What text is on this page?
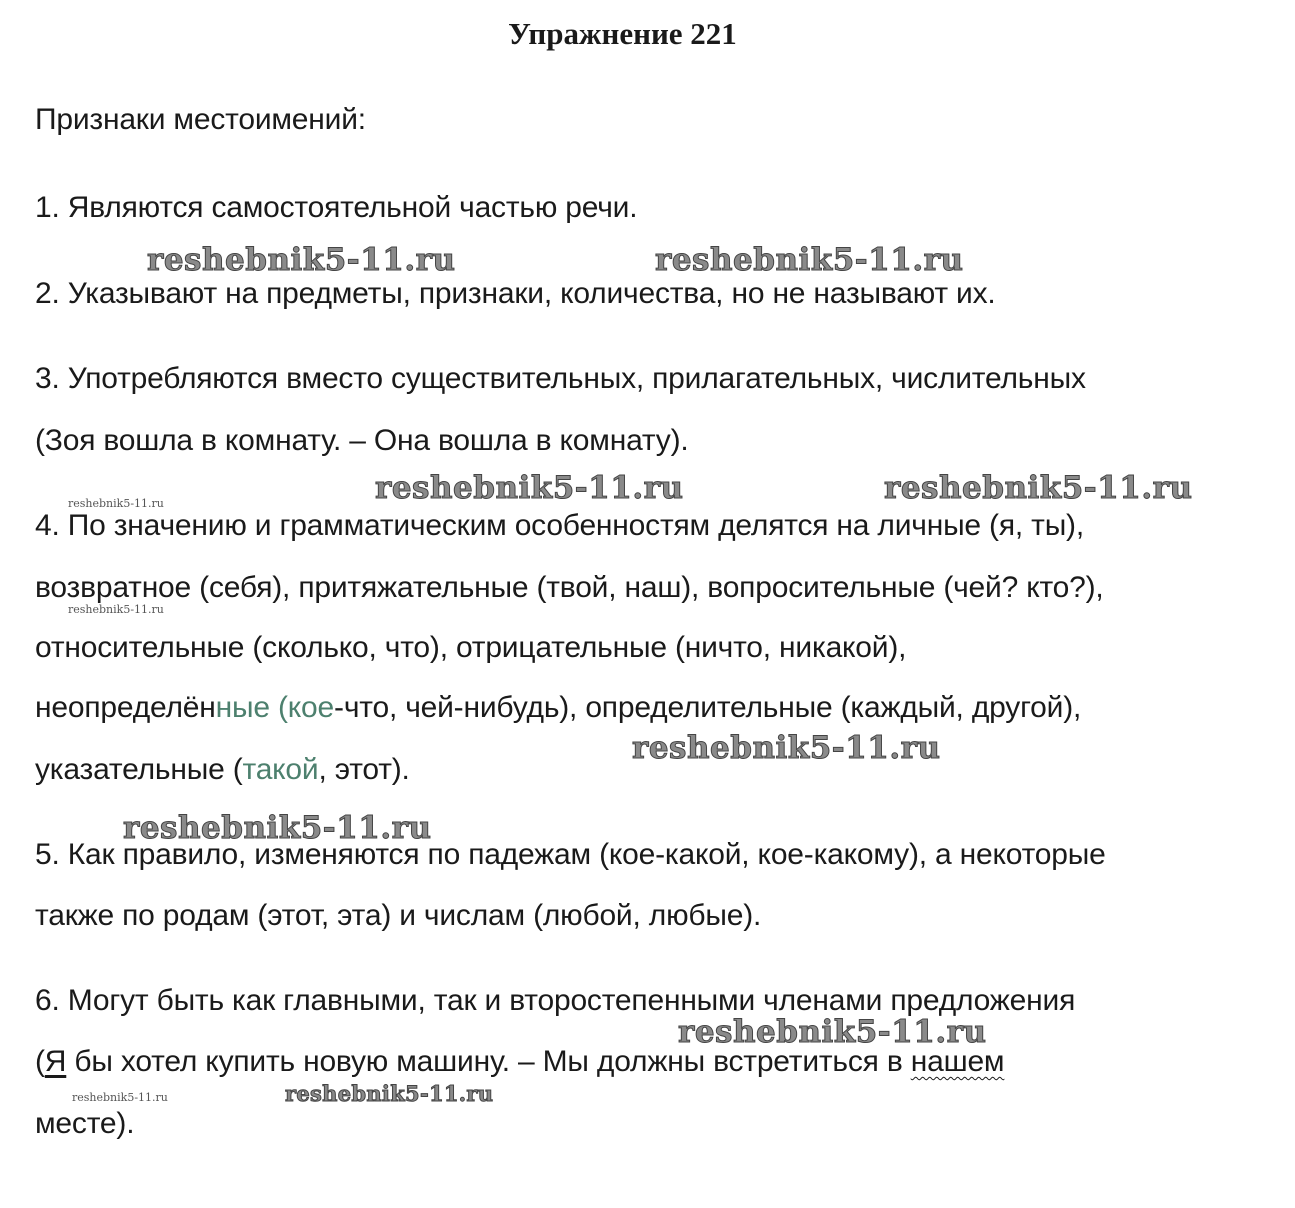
Упражнение 221
Признаки местоимений:
1. Являются самостоятельной частью речи.
2. Указывают на предметы, признаки, количества, но не называют их.
3. Употребляются вместо существительных, прилагательных, числительных
(Зоя вошла в комнату. – Она вошла в комнату).
4. По значению и грамматическим особенностям делятся на личные (я, ты),
возвратное (себя), притяжательные (твой, наш), вопросительные (чей? кто?),
относительные (сколько, что), отрицательные (ничто, никакой),
неопределённые (кое-что, чей-нибудь), определительные (каждый, другой),
указательные (такой, этот).
5. Как правило, изменяются по падежам (кое-какой, кое-какому), а некоторые
также по родам (этот, эта) и числам (любой, любые).
6. Могут быть как главными, так и второстепенными членами предложения
(Я бы хотел купить новую машину. – Мы должны встретиться в нашем
месте).
reshebnik5-11.ru	reshebnik5-11.ru
reshebnik5-11.ru	reshebnik5-11.ru
reshebnik5-11.ru
reshebnik5-11.ru
reshebnik5-11.ru
reshebnik5-11.ru
reshebnik5-11.ru
reshebnik5-11.ru
reshebnik5-11.ru
